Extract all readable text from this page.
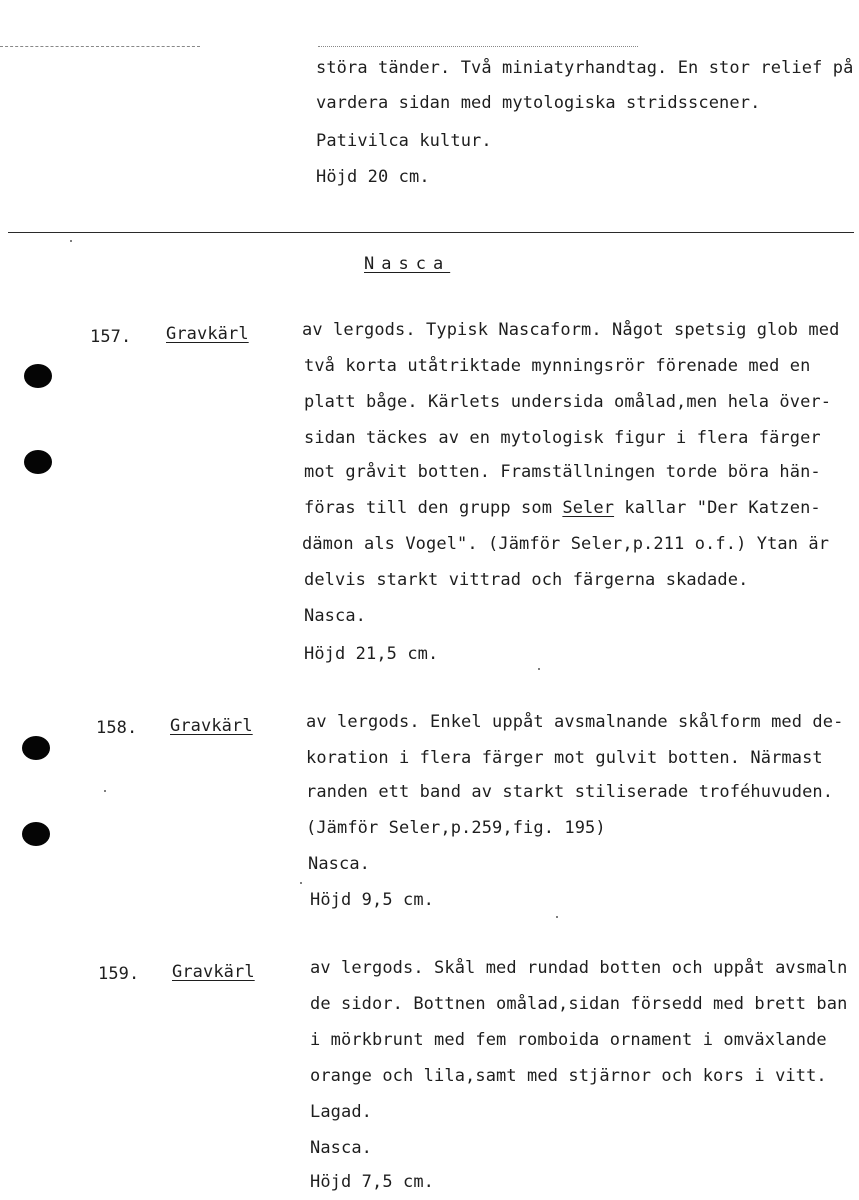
störa tänder. Två miniatyrhandtag. En stor relief på
vardera sidan med mytologiska stridsscener.
Pativilca kultur.
Höjd 20 cm.
Nasca
157. Gravkärl	av lergods. Typisk Nascaform. Något spetsig glob med
två korta utåtriktade mynningsrör förenade med en
platt båge. Kärlets undersida omålad,men hela över-
sidan täckes av en mytologisk figur i flera färger
mot gråvit botten. Framställningen torde böra hän-
föras till den grupp som Seler kallar "Der Katzen-
dämon als Vogel". (Jämför Seler,p.211 o.f.) Ytan är
delvis starkt vittrad och färgerna skadade.
Nasca.
Höjd 21,5 cm.
158. Gravkärl	av lergods. Enkel uppåt avsmalnande skålform med de-
koration i flera färger mot gulvit botten. Närmast
randen ett band av starkt stiliserade troféhuvuden.
(Jämför Seler,p.259,fig. 195)
Nasca.
Höjd 9,5 cm.
159. Gravkärl	av lergods. Skål med rundad botten och uppåt avsmaln
de sidor. Bottnen omålad,sidan försedd med brett ban
i mörkbrunt med fem romboida ornament i omväxlande
orange och lila,samt med stjärnor och kors i vitt.
Lagad.
Nasca.
Höjd 7,5 cm.
